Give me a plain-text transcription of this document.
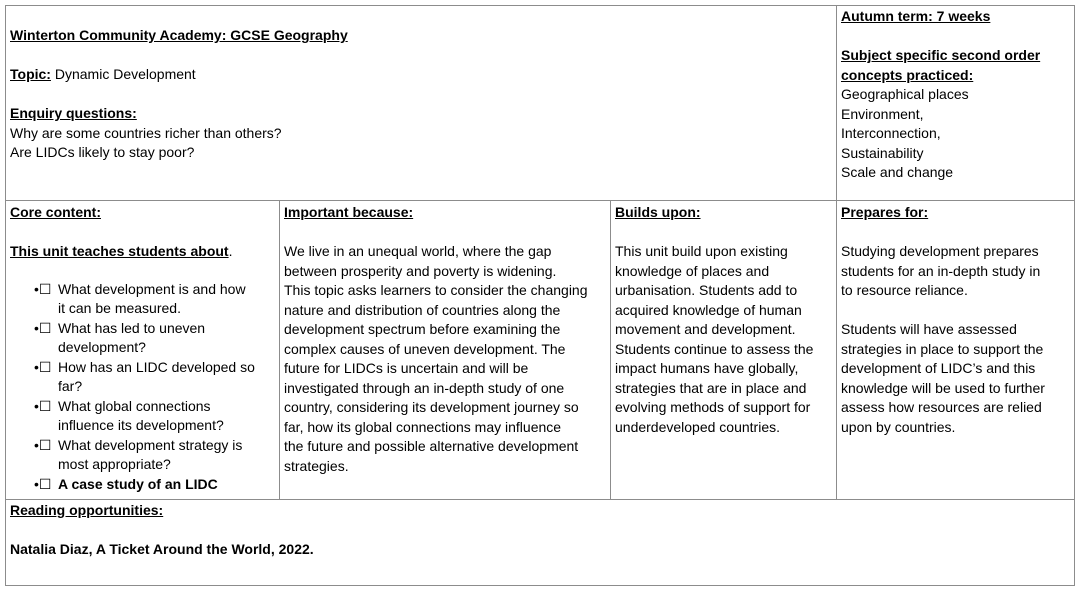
Winterton Community Academy: GCSE Geography
Topic: Dynamic Development
Enquiry questions:
Why are some countries richer than others?
Are LIDCs likely to stay poor?
Autumn term: 7 weeks
Subject specific second order
concepts practiced:
Geographical places
Environment,
Interconnection,
Sustainability
Scale and change
Core content:
This unit teaches students about.
•☐ What development is and how
it can be measured.
•☐ What has led to uneven
development?
•☐ How has an LIDC developed so
far?
•☐ What global connections
influence its development?
•☐ What development strategy is
most appropriate?
•☐ A case study of an LIDC
Important because:
We live in an unequal world, where the gap
between prosperity and poverty is widening.
This topic asks learners to consider the changing
nature and distribution of countries along the
development spectrum before examining the
complex causes of uneven development. The
future for LIDCs is uncertain and will be
investigated through an in-depth study of one
country, considering its development journey so
far, how its global connections may influence
the future and possible alternative development
strategies.
Builds upon:
This unit build upon existing
knowledge of places and
urbanisation. Students add to
acquired knowledge of human
movement and development.
Students continue to assess the
impact humans have globally,
strategies that are in place and
evolving methods of support for
underdeveloped countries.
Prepares for:
Studying development prepares
students for an in-depth study in
to resource reliance.
Students will have assessed
strategies in place to support the
development of LIDC’s and this
knowledge will be used to further
assess how resources are relied
upon by countries.
Reading opportunities:
Natalia Diaz, A Ticket Around the World, 2022.
